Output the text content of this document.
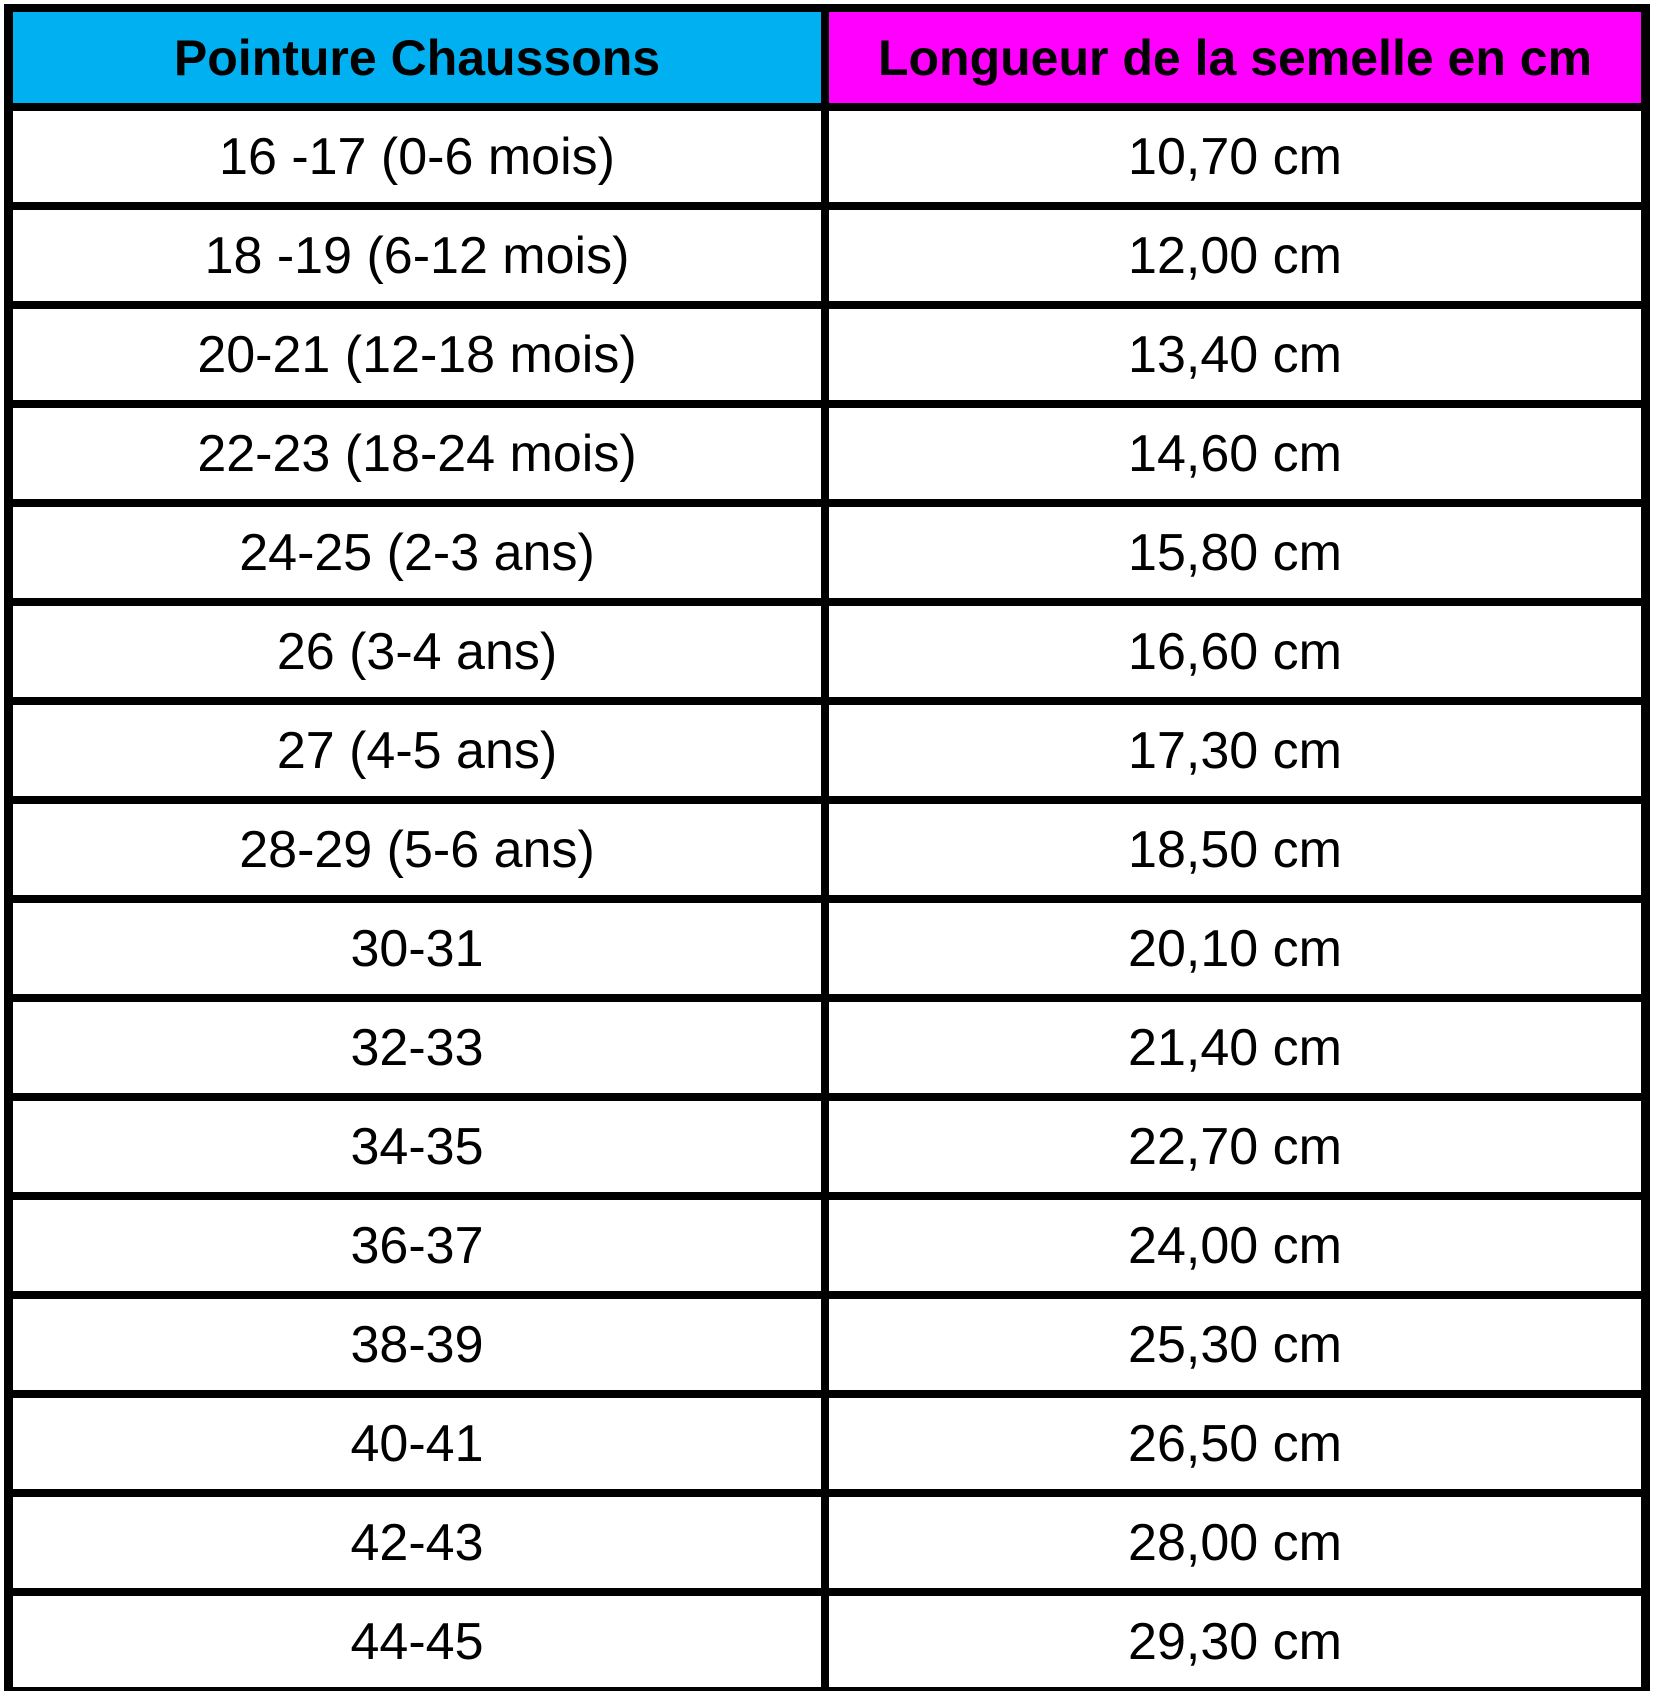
Pointure Chaussons	Longueur de la semelle en cm
16 -17 (0-6 mois)	10,70 cm
18 -19 (6-12 mois)	12,00 cm
20-21 (12-18 mois)	13,40 cm
22-23 (18-24 mois)	14,60 cm
24-25 (2-3 ans)	15,80 cm
26 (3-4 ans)	16,60 cm
27 (4-5 ans)	17,30 cm
28-29 (5-6 ans)	18,50 cm
30-31	20,10 cm
32-33	21,40 cm
34-35	22,70 cm
36-37	24,00 cm
38-39	25,30 cm
40-41	26,50 cm
42-43	28,00 cm
44-45	29,30 cm
